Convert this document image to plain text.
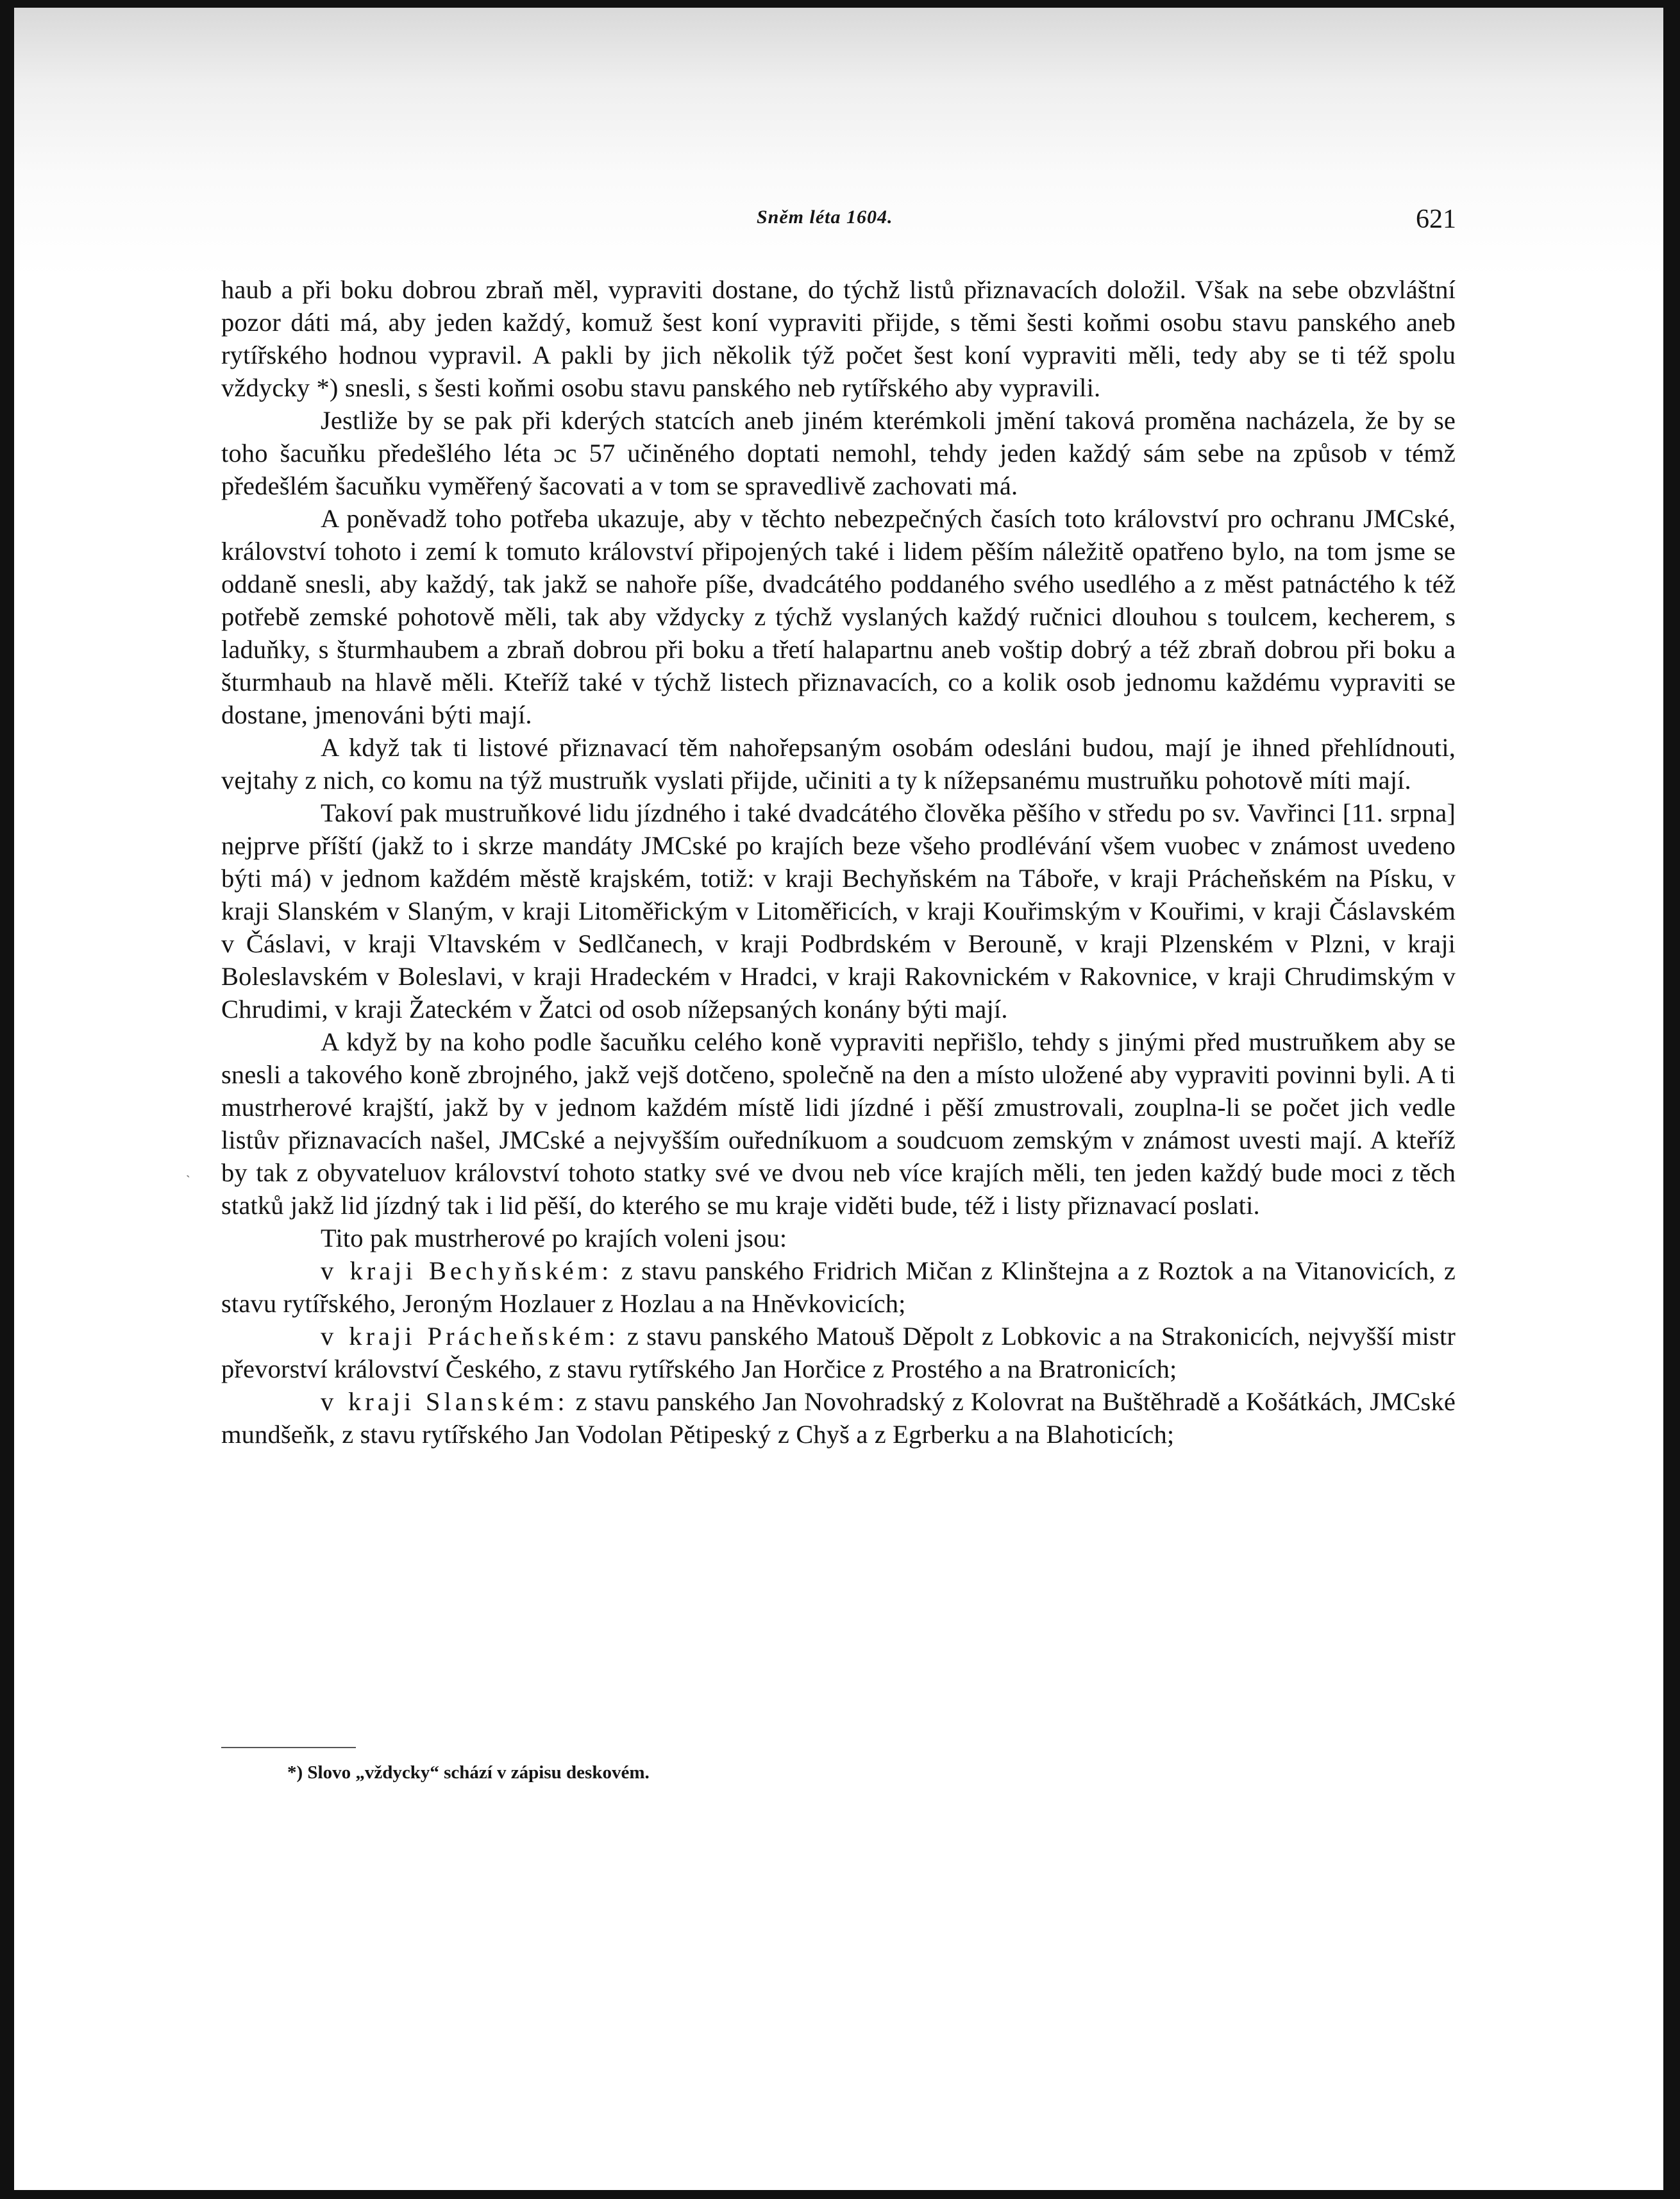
Sněm léta 1604.	621
`

haub a při boku dobrou zbraň měl, vypraviti dostane, do týchž listů přiznavacích doložil. Však na sebe obzvláštní pozor dáti má, aby jeden každý, komuž šest koní vypraviti přijde, s těmi šesti koňmi osobu stavu panského aneb rytířského hodnou vypravil. A pakli by jich několik týž počet šest koní vypraviti měli, tedy aby se ti též spolu vždycky *) snesli, s šesti koňmi osobu stavu panského neb rytířského aby vypravili.

Jestliže by se pak při kderých statcích aneb jiném kterémkoli jmění taková proměna nacházela, že by se toho šacuňku předešlého léta ɔc 57 učiněného doptati nemohl, tehdy jeden každý sám sebe na způsob v témž předešlém šacuňku vyměřený šacovati a v tom se spravedlivě zachovati má.

A poněvadž toho potřeba ukazuje, aby v těchto nebezpečných časích toto království pro ochranu JMCské, království tohoto i zemí k tomuto království připojených také i lidem pěším náležitě opatřeno bylo, na tom jsme se oddaně snesli, aby každý, tak jakž se nahoře píše, dvadcátého poddaného svého usedlého a z měst patnáctého k též potřebě zemské pohotově měli, tak aby vždycky z týchž vyslaných každý ručnici dlouhou s toulcem, kecherem, s laduňky, s šturmhaubem a zbraň dobrou při boku a třetí halapartnu aneb voštip dobrý a též zbraň dobrou při boku a šturmhaub na hlavě měli. Kteříž také v týchž listech přiznavacích, co a kolik osob jednomu každému vypraviti se dostane, jmenováni býti mají.

A když tak ti listové přiznavací těm nahořepsaným osobám odesláni budou, mají je ihned přehlídnouti, vejtahy z nich, co komu na týž mustruňk vyslati přijde, učiniti a ty k nížepsanému mustruňku pohotově míti mají.

Takoví pak mustruňkové lidu jízdného i také dvadcátého člověka pěšího v středu po sv. Vavřinci [11. srpna] nejprve příští (jakž to i skrze mandáty JMCské po krajích beze všeho prodlévání všem vuobec v známost uvedeno býti má) v jednom každém městě krajském, totiž: v kraji Bechyňském na Táboře, v kraji Prácheňském na Písku, v kraji Slanském v Slaným, v kraji Litoměřickým v Litoměřicích, v kraji Kouřimským v Kouřimi, v kraji Čáslavském v Čáslavi, v kraji Vltavském v Sedlčanech, v kraji Podbrdském v Berouně, v kraji Plzenském v Plzni, v kraji Boleslavském v Boleslavi, v kraji Hradeckém v Hradci, v kraji Rakovnickém v Rakovnice, v kraji Chrudimským v Chrudimi, v kraji Žateckém v Žatci od osob nížepsaných konány býti mají.

A když by na koho podle šacuňku celého koně vypraviti nepřišlo, tehdy s jinými před mustruňkem aby se snesli a takového koně zbrojného, jakž vejš dotčeno, společně na den a místo uložené aby vypraviti povinni byli. A ti mustrherové krajští, jakž by v jednom každém místě lidi jízdné i pěší zmustrovali, zouplna-li se počet jich vedle listův přiznavacích našel, JMCské a nejvyšším ouředníkuom a soudcuom zemským v známost uvesti mají. A kteříž by tak z obyvateluov království tohoto statky své ve dvou neb více krajích měli, ten jeden každý bude moci z těch statků jakž lid jízdný tak i lid pěší, do kterého se mu kraje viděti bude, též i listy přiznavací poslati.

Tito pak mustrherové po krajích voleni jsou:

v kraji Bechyňském: z stavu panského Fridrich Mičan z Klinštejna a z Roztok a na Vitanovicích, z stavu rytířského, Jeroným Hozlauer z Hozlau a na Hněvkovicích;

v kraji Prácheňském: z stavu panského Matouš Děpolt z Lobkovic a na Strakonicích, nejvyšší mistr převorství království Českého, z stavu rytířského Jan Horčice z Prostého a na Bratronicích;

v kraji Slanském: z stavu panského Jan Novohradský z Kolovrat na Buštěhradě a Košátkách, JMCské mundšeňk, z stavu rytířského Jan Vodolan Pětipeský z Chyš a z Egrberku a na Blahoticích;

*) Slovo „vždycky“ schází v zápisu deskovém.
